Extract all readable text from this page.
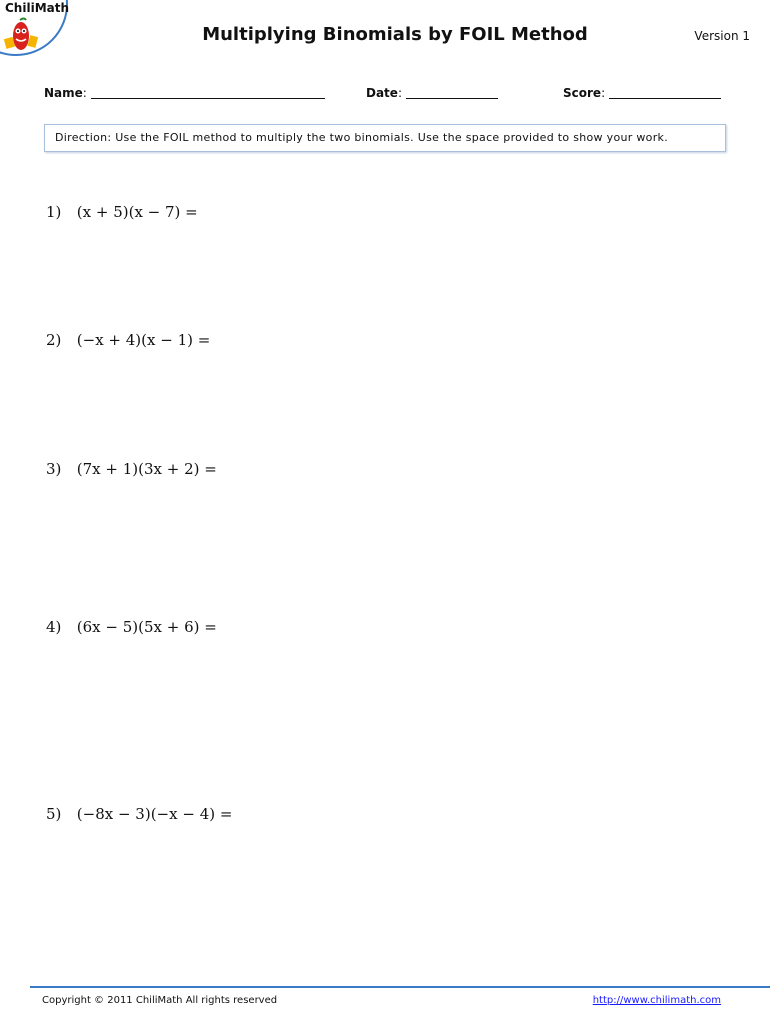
ChiliMath
Multiplying Binomials by FOIL Method	Version 1
Name:	Date:	Score:
Direction: Use the FOIL method to multiply the two binomials. Use the space provided to show your work.
1) (x + 5)(x − 7) =
2) (−x + 4)(x − 1) =
3) (7x + 1)(3x + 2) =
4) (6x − 5)(5x + 6) =
5) (−8x − 3)(−x − 4) =
Copyright © 2011 ChiliMath All rights reserved	http://www.chilimath.com
